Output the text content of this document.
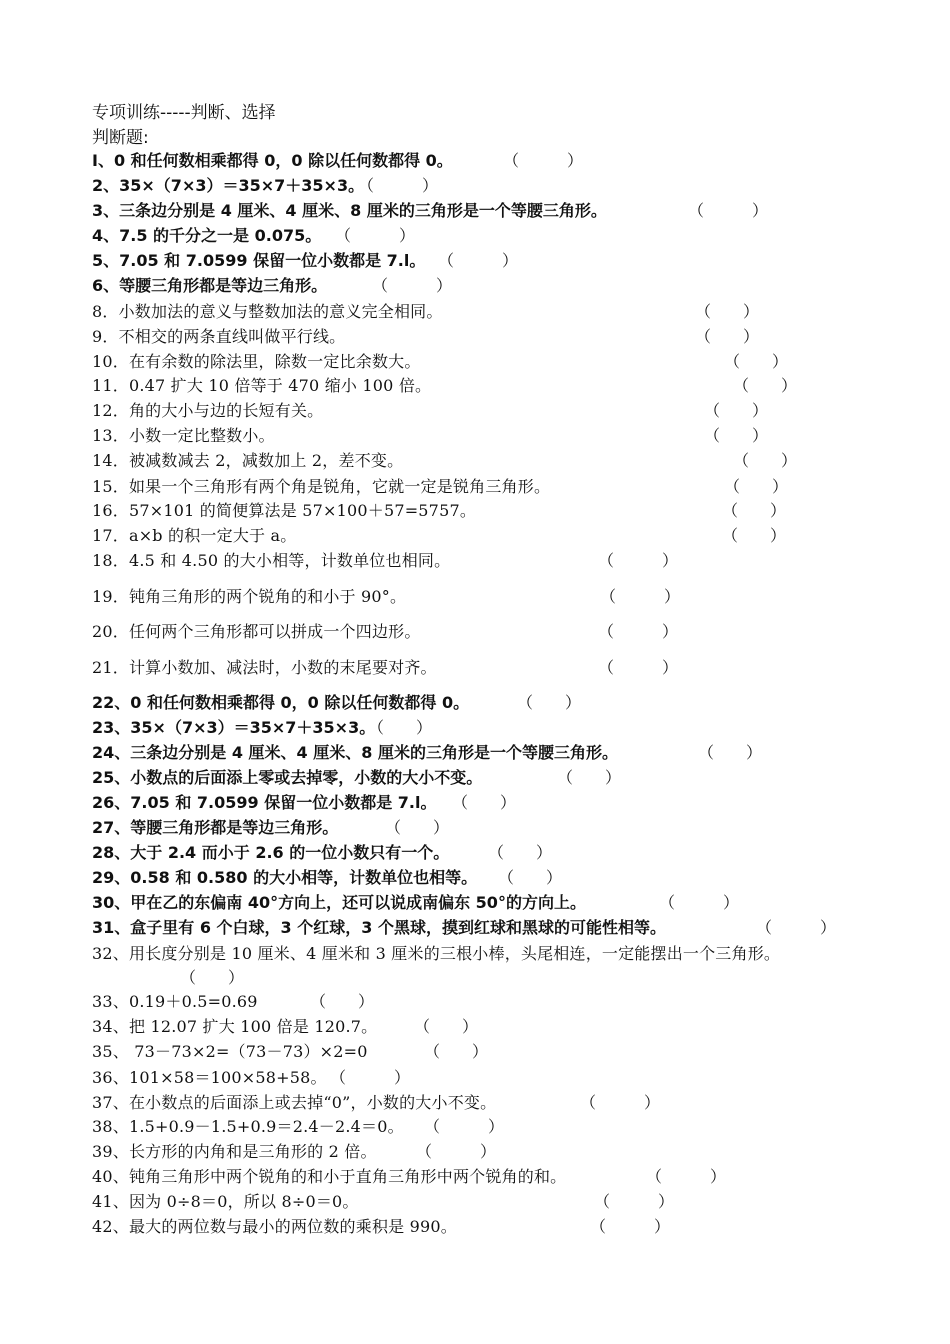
专项训练-----判断、选择
判断题:
I、0 和任何数相乘都得 0，0 除以任何数都得 0。	（　　　）
2、35×（7×3）＝35×7＋35×3。
（　　　）
3、三条边分别是 4 厘米、4 厘米、8 厘米的三角形是一个等腰三角形。	（　　　）
4、7.5 的千分之一是 0.075。 （　　　）
5、7.05 和 7.0599 保留一位小数都是 7.l。 （　　　）
6、等腰三角形都是等边三角形。	（　　　）
8．小数加法的意义与整数加法的意义完全相同。	（　　）
9．不相交的两条直线叫做平行线。	（　　）
10．在有余数的除法里，除数一定比余数大。	（　　）
11．0.47 扩大 10 倍等于 470 缩小 100 倍。	（　　）
12．角的大小与边的长短有关。	（　　）
13．小数一定比整数小。	（　　）
14．被减数减去 2，减数加上 2，差不变。	（　　）
15．如果一个三角形有两个角是锐角，它就一定是锐角三角形。	（　　）
16．57×101 的简便算法是 57×100＋57=5757。	（　　）
17．a×b 的积一定大于 a。	（　　）
18．4.5 和 4.50 的大小相等，计数单位也相同。	（　　　）
19．钝角三角形的两个锐角的和小于 90°。	（　　　）
20．任何两个三角形都可以拼成一个四边形。	（　　　）
21．计算小数加、减法时，小数的末尾要对齐。	（　　　）
22、0 和任何数相乘都得 0，0 除以任何数都得 0。	（　　）
23、35×（7×3）＝35×7＋35×3。
（　　）
24、三条边分别是 4 厘米、4 厘米、8 厘米的三角形是一个等腰三角形。	（　　）
25、小数点的后面添上零或去掉零，小数的大小不变。	（　　）
26、7.05 和 7.0599 保留一位小数都是 7.l。 （　　）
27、等腰三角形都是等边三角形。	（　　）
28、大于 2.4 而小于 2.6 的一位小数只有一个。 （　　）
29、0.58 和 0.580 的大小相等，计数单位也相等。 （　　）
30、甲在乙的东偏南 40°方向上，还可以说成南偏东 50°的方向上。	（　　　）
31、盒子里有 6 个白球，3 个红球，3 个黑球，摸到红球和黑球的可能性相等。	（　　　）
32、用长度分别是 10 厘米、4 厘米和 3 厘米的三根小棒，头尾相连，一定能摆出一个三角形。
（　　）
33、0.19＋0.5=0.69	（　　）
34、把 12.07 扩大 100 倍是 120.7。 （　　）
35、 73－73×2=（73－73）×2=0	（　　）
36、101×58＝100×58+58。 （　　　）
37、在小数点的后面添上或去掉“0”，小数的大小不变。	（　　　）
38、1.5+0.9－1.5+0.9＝2.4－2.4＝0。 （　　　）
39、长方形的内角和是三角形的 2 倍。 （　　　）
40、钝角三角形中两个锐角的和小于直角三角形中两个锐角的和。	（　　　）
41、因为 0÷8＝0，所以 8÷0＝0。	（　　　）
42、最大的两位数与最小的两位数的乘积是 990。	（　　　）
